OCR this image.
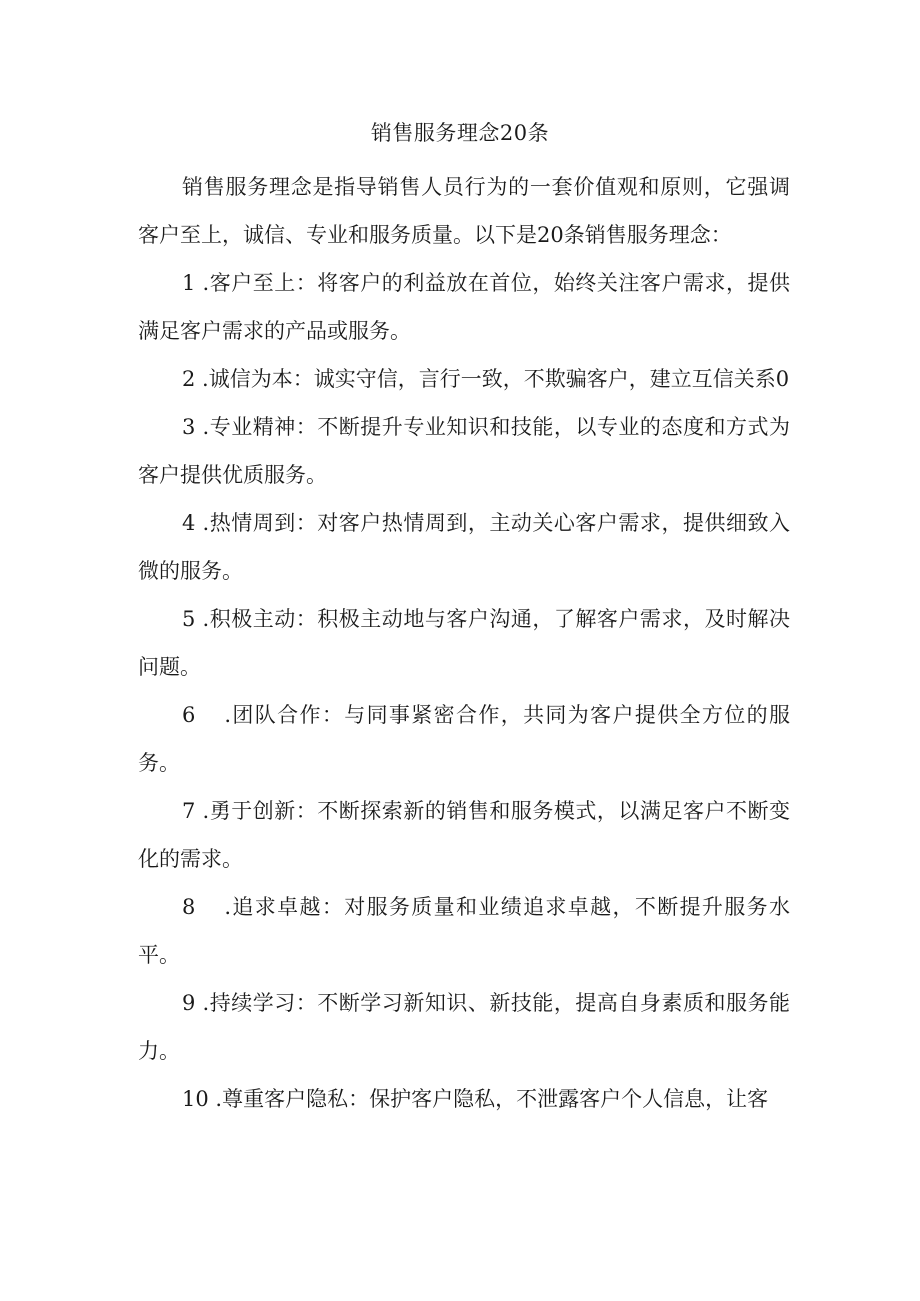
销售服务理念20条

销售服务理念是指导销售人员行为的一套价值观和原则，它强调客户至上，诚信、专业和服务质量。以下是20条销售服务理念：

1 .客户至上：将客户的利益放在首位，始终关注客户需求，提供满足客户需求的产品或服务。

2 .诚信为本：诚实守信，言行一致，不欺骗客户，建立互信关系0

3 .专业精神：不断提升专业知识和技能，以专业的态度和方式为客户提供优质服务。

4 .热情周到：对客户热情周到，主动关心客户需求，提供细致入微的服务。

5 .积极主动：积极主动地与客户沟通，了解客户需求，及时解决问题。

6  .团队合作：与同事紧密合作，共同为客户提供全方位的服务。

7 .勇于创新：不断探索新的销售和服务模式，以满足客户不断变化的需求。

8  .追求卓越：对服务质量和业绩追求卓越，不断提升服务水平。

9 .持续学习：不断学习新知识、新技能，提高自身素质和服务能力。

10 .尊重客户隐私：保护客户隐私，不泄露客户个人信息，让客
